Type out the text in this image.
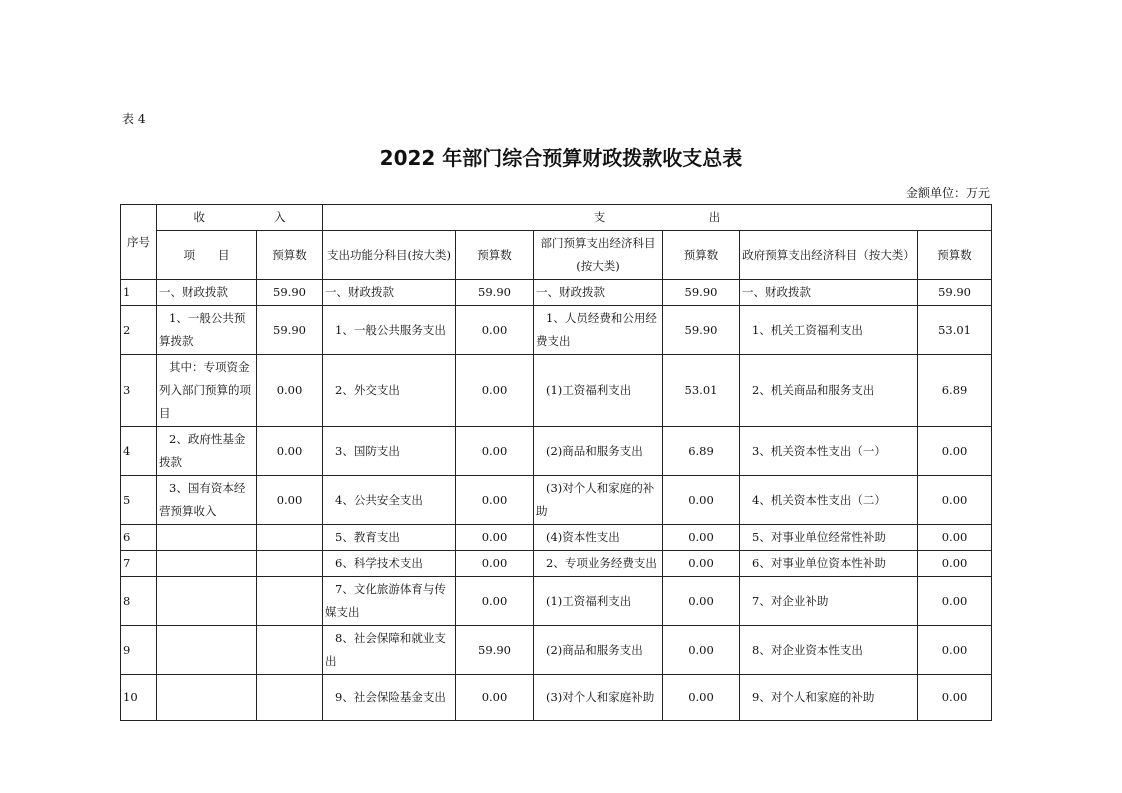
表 4
2022 年部门综合预算财政拨款收支总表
金额单位：万元
序号	收　　　　　　入		支　　　　　　　　　出					
	项　　目	预算数	支出功能分科目(按大类)	预算数	部门预算支出经济科目(按大类)	预算数	政府预算支出经济科目（按大类）	预算数
1	一、财政拨款	59.90	一、财政拨款	59.90	一、财政拨款	59.90	一、财政拨款	59.90
2	1、一般公共预算拨款	59.90	1、一般公共服务支出	0.00	1、人员经费和公用经费支出	59.90	1、机关工资福利支出	53.01
3	其中：专项资金列入部门预算的项目	0.00	2、外交支出	0.00	(1)工资福利支出	53.01	2、机关商品和服务支出	6.89
4	2、政府性基金拨款	0.00	3、国防支出	0.00	(2)商品和服务支出	6.89	3、机关资本性支出（一）	0.00
5	3、国有资本经营预算收入	0.00	4、公共安全支出	0.00	(3)对个人和家庭的补助	0.00	4、机关资本性支出（二）	0.00
6			5、教育支出	0.00	(4)资本性支出	0.00	5、对事业单位经常性补助	0.00
7			6、科学技术支出	0.00	2、专项业务经费支出	0.00	6、对事业单位资本性补助	0.00
8			7、文化旅游体育与传媒支出	0.00	(1)工资福利支出	0.00	7、对企业补助	0.00
9			8、社会保障和就业支出	59.90	(2)商品和服务支出	0.00	8、对企业资本性支出	0.00
10			9、社会保险基金支出	0.00	(3)对个人和家庭补助	0.00	9、对个人和家庭的补助	0.00
